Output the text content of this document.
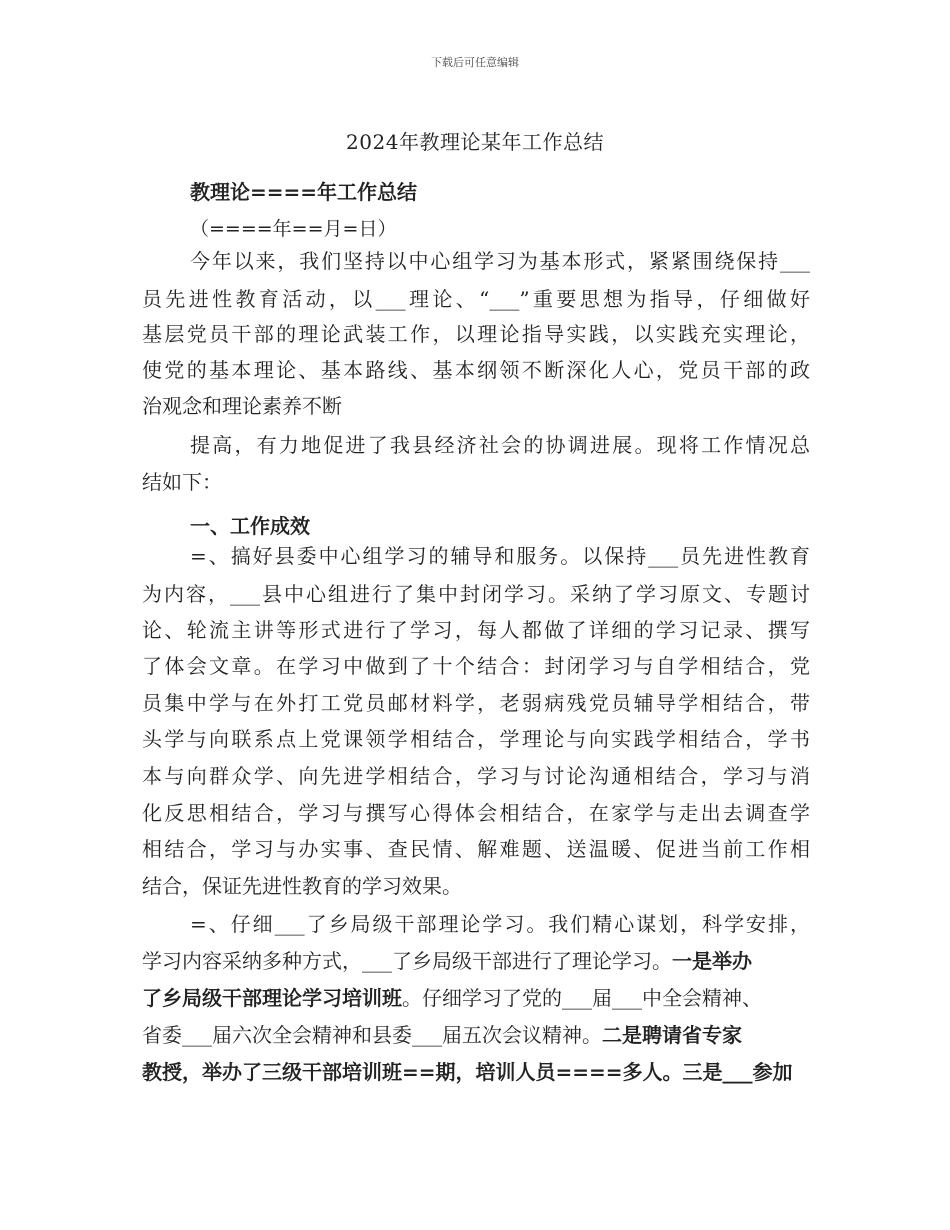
下载后可任意编辑
2024年教理论某年工作总结
教理论====年工作总结
（====年==月=日）
今年以来，我们坚持以中心组学习为基本形式，紧紧围绕保持___
员先进性教育活动，以___理论、“___”重要思想为指导，仔细做好
基层党员干部的理论武装工作，以理论指导实践，以实践充实理论，
使党的基本理论、基本路线、基本纲领不断深化人心，党员干部的政
治观念和理论素养不断
提高，有力地促进了我县经济社会的协调进展。现将工作情况总
结如下：
一、工作成效
=、搞好县委中心组学习的辅导和服务。以保持___员先进性教育
为内容，___县中心组进行了集中封闭学习。采纳了学习原文、专题讨
论、轮流主讲等形式进行了学习，每人都做了详细的学习记录、撰写
了体会文章。在学习中做到了十个结合：封闭学习与自学相结合，党
员集中学与在外打工党员邮材料学，老弱病残党员辅导学相结合，带
头学与向联系点上党课领学相结合，学理论与向实践学相结合，学书
本与向群众学、向先进学相结合，学习与讨论沟通相结合，学习与消
化反思相结合，学习与撰写心得体会相结合，在家学与走出去调查学
相结合，学习与办实事、查民情、解难题、送温暖、促进当前工作相
结合，保证先进性教育的学习效果。
=、仔细___了乡局级干部理论学习。我们精心谋划，科学安排，
学习内容采纳多种方式，___了乡局级干部进行了理论学习。一是举办
了乡局级干部理论学习培训班。仔细学习了党的___届___中全会精神、
省委___届六次全会精神和县委___届五次会议精神。二是聘请省专家
教授，举办了三级干部培训班==期，培训人员====多人。三是___参加
